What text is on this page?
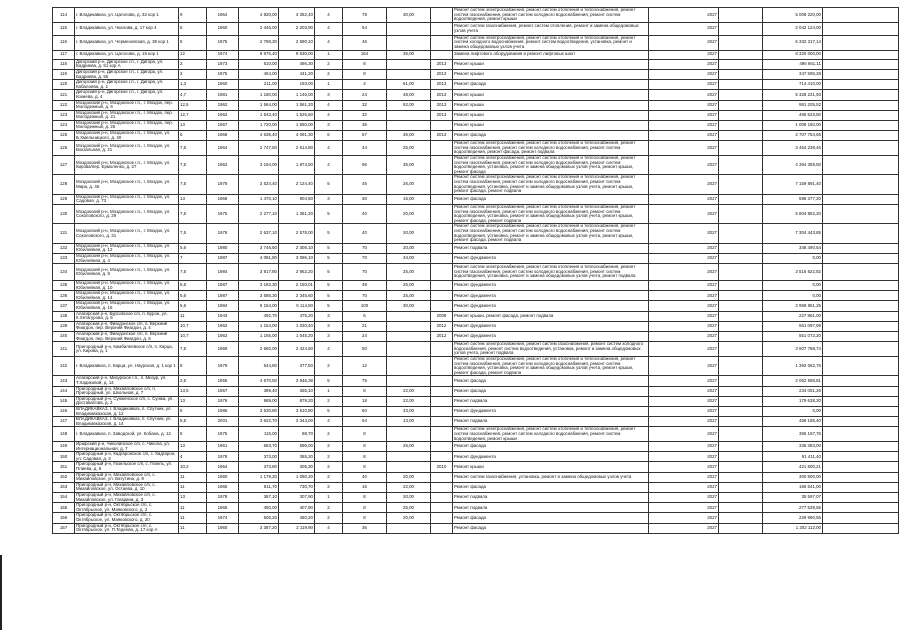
114	г. Владикавказ, ул. Цаголова, д. 32 кор 1	9	1964	4 820,00	4 352,40	4	78	30,00		Ремонт систем электроснабжения, ремонт систем отопления и теплоснабжения, ремонт систем газоснабжения, ремонт систем холодного водоснабжения, ремонт систем водоотведения, ремонт крыши	2027		5 009 220,00	
115	г. Владикавказ, ул. Чкалова, д. 17 кор 4	5	1960	2 446,00	2 203,90	4	54			Ремонт систем газоснабжения, ремонт систем отопления, ремонт и замена общедомовых узлов учета	2027		2 042 124,00	
116	г. Владикавказ, ул. Черменовская, д. 39 кор 1	5	1975	2 798,30	2 590,10	4	46			Ремонт систем электроснабжения, ремонт систем отопления и теплоснабжения, ремонт систем холодного водоснабжения, ремонт систем водоотведения, установка, ремонт и замена общедомовых узлов учета	2027		6 332 317,14	
117	г. Владикавказ, ул. Цаголова, д. 15 кор 1	12	1974	9 976,40	9 630,00	1	164	35,00		Замена лифтового оборудования и ремонт лифтовых шахт	2027		8 320 000,00	
118	Дигорский р-н, Дигорское г.п., г. Дигора, ул. Бадриева, д. 51 кор А	2	1973	510,00	496,30	2	8		2013	Ремонт крыши	2027		496 661,11	
119	Дигорский р-н, Дигорское г.п., г. Дигора, ул. Бадриева, д. 55	2	1975	464,00	441,20	2	8		2013	Ремонт крыши	2027		347 595,28	
120	Дигорский р-н, Дигорское г.п., г. Дигора, ул. Кабалоева, д. 2	1,3	1960	211,00	193,00	1	4	61,00	2013	Ремонт фасада	2027		714 410,00	
121	Дигорский р-н, Дигорское г.п., г. Дигора, ул. Кокиева, д. 4	4,7	1981	1 180,00	1 146,00	3	24	48,00	2013	Ремонт крыши	2027		5 328 221,93	
122	Моздокский р-н, Моздокское г.п., г. Моздок, пер. Молодежный, д. 6	12,5	1962	1 564,00	1 561,20	4	32	52,00	2013	Ремонт крыши	2027		981 205,52	
123	Моздокский р-н, Моздокское г.п., г. Моздок, пер. Молодежный, д. 21	12,7	1962	1 543,40	1 525,60	4	32		2013	Ремонт крыши	2027		465 523,50	
124	Моздокский р-н, Моздокское г.п., г. Моздок, пер. Молодежный, д. 25	13	1967	1 720,00	1 550,00	3	36			Ремонт крыши	2027		1 008 150,00	
125	Моздокский р-н, Моздокское г.п., г. Моздок, ул. Б.Хмельницкого, д. 40	6	1968	4 636,40	4 091,30	6	67	36,00	2013	Ремонт фасада	2027		2 707 754,65	
126	Моздокский р-н, Моздокское г.п., г. Моздок, ул. Вокзальная, д. 21	7,6	1964	2 747,50	2 614,80	4	44	25,00		Ремонт систем электроснабжения, ремонт систем отопления и теплоснабжения, ремонт систем газоснабжения, ремонт систем холодного водоснабжения, ремонт систем водоотведения, ремонт фасада, ремонт подвала	2027		3 464 238,46	
127	Моздокский р-н, Моздокское г.п., г. Моздок, ул. Кирова/пер. Ермоленко, д. 27	7,5	1962	3 194,00	1 874,50	4	96	35,00		Ремонт систем электроснабжения, ремонт систем отопления и теплоснабжения, ремонт систем газоснабжения, ремонт систем холодного водоснабжения, ремонт систем водоотведения, установка, ремонт и замена общедомовых узлов учета, ремонт крыши, ремонт фасада	2027		4 394 359,50	
128	Моздокский р-н, Моздокское г.п., г. Моздок, ул. Мира, д. 46	7,5	1978	2 524,40	2 124,40	5	45	26,00		Ремонт систем электроснабжения, ремонт систем отопления и теплоснабжения, ремонт систем газоснабжения, ремонт систем холодного водоснабжения, ремонт систем водоотведения, установка, ремонт и замена общедомовых узлов учета, ремонт крыши, ремонт фасада, ремонт подвала	2027		7 159 891,40	
129	Моздокский р-н, Моздокское г.п., г. Моздок, ул. Садовая, д. 73	13	1968	1 470,10	904,50	3	30	15,00		Ремонт фасада	2027		598 377,20	
130	Моздокский р-н, Моздокское г.п., г. Моздок, ул. Соколовского, д. 29	7,5	1975	2 277,10	1 361,20	5	40	20,00		Ремонт систем электроснабжения, ремонт систем отопления и теплоснабжения, ремонт систем газоснабжения, ремонт систем холодного водоснабжения, ремонт систем водоотведения, установка, ремонт и замена общедомовых узлов учета, ремонт крыши, ремонт фасада, ремонт подвала	2027		5 804 952,20	
131	Моздокский р-н, Моздокское г.п., г. Моздок, ул. Соколовского, д. 31	7,5	1976	2 637,10	2 578,00	5	40	20,00		Ремонт систем электроснабжения, ремонт систем отопления и теплоснабжения, ремонт систем газоснабжения, ремонт систем холодного водоснабжения, ремонт систем водоотведения, установка, ремонт и замена общедомовых узлов учета, ремонт крыши, ремонт фасада, ремонт подвала	2027		7 304 443,85	
132	Моздокский р-н, Моздокское г.п., г. Моздок, ул. Юбилейная, д. 12	5,6	1980	3 746,60	2 305,10	5	70	20,00		Ремонт подвала	2027		348 490,54	
133	Моздокский р-н, Моздокское г.п., г. Моздок, ул. Юбилейная, д. 4	7	1987	4 081,80	3 096,10	5	70	34,00		Ремонт фундамента	2027		0,00	
134	Моздокский р-н, Моздокское г.п., г. Моздок, ул. Юбилейная, д. 8	7,5	1984	3 917,80	2 962,20	5	70	25,00		Ремонт систем электроснабжения, ремонт систем отопления и теплоснабжения, ремонт систем газоснабжения, ремонт систем холодного водоснабжения, ремонт систем водоотведения, установка, ремонт и замена общедомовых узлов учета, ремонт подвала	2027		3 516 622,82	
135	Моздокский р-н, Моздокское г.п., г. Моздок, ул. Юбилейная, д. 10	5,6	1987	3 192,30	2 150,01	5	48	25,00		Ремонт фундамента	2027		0,00	
136	Моздокский р-н, Моздокское г.п., г. Моздок, ул. Юбилейная, д. 14	5,6	1987	3 585,30	2 345,60	5	70	25,00		Ремонт фундамента	2027		0,00	
137	Моздокский р-н, Моздокское г.п., г. Моздок, ул. Юбилейная, д. 16	5,6	1984	5 154,00	5 114,50	5	100	30,00		Ремонт фундамента	2027		2 958 951,25	
138	Алагирский р-н, Бурсовское с/п, п. Бурон, ул. К.Хетагурова, д. 5	11	1943	492,70	475,20	3	6		2008	Ремонт крыши, ремонт фасада, ремонт подвала	2027		227 861,00	
139	Алагирский р-н, Фиагдонское с/п, п. Верхний Фиагдон, пер. Верхний Фиагдон, д. 4	10,7	1962	1 154,00	1 030,40	3	21		2012	Ремонт фундамента	2027		551 097,99	
140	Алагирский р-н, Фиагдонское с/п, п. Верхний Фиагдон, пер. Верхний Фиагдон, д. 5	10,7	1962	1 165,00	1 045,20	3	24		2012	Ремонт фундамента	2027		551 072,20	
141	Пригородный р-н, Камбилеевское с/п, п. Карца, ул. Кирова, д. 1	7,5	1969	2 560,00	2 424,60	4	50			Ремонт систем электроснабжения, ремонт систем газоснабжения, ремонт систем холодного водоснабжения, ремонт систем водоотведения, установка, ремонт и замена общедомовых узлов учета, ремонт подвала	2027		3 607 768,74	
142	г. Владикавказ, п. Карца, ул. Наурская, д. 1 кор 1	5	1979	544,80	377,50	2	12			Ремонт систем электроснабжения, ремонт систем отопления и теплоснабжения, ремонт систем газоснабжения, ремонт систем холодного водоснабжения, ремонт систем водоотведения, установка, ремонт и замена общедомовых узлов учета, ремонт крыши, ремонт фасада, ремонт подвала	2027		1 392 062,75	
143	Алагирский р-н, Мизурское г.п., п. Мизур, ул. Т.Хадиковой, д. 14	2,5	1955	4 670,50	3 946,38	5	75			Ремонт фасада	2027		2 062 588,81	
144	Пригородный р-н, Михайловское с/п, п. Пригородный, ул. Школьная, д. 7	13,5	1957	399,40	365,10	1	8	22,00		Ремонт фасада	2027		234 051,26	
145	Пригородный р-н, Сунженское с/п, с. Сунжа, ул. Доставалова, д. 2	13	1976	989,00	879,20	2	18	22,00		Ремонт подвала	2027		179 638,30	
146	ВЛАДИКАВКАЗ, г. Владикавказ, п. Спутник, ул. Владикавказская, д. 12	5	1986	3 530,80	3 510,80	5	60	33,00		Ремонт фундамента	2027		0,00	
147	ВЛАДИКАВКАЗ, г. Владикавказ, п. Спутник, ул. Владикавказская, д. 14	5,5	2001	3 622,70	3 344,00	4	64	13,00		Ремонт подвала	2027		458 186,40	
148	г. Владикавказ, п. Заводской, ул. Кобана, д. 12	5	1975	115,00	98,70	2	8			Ремонт систем электроснабжения, ремонт систем отопления и теплоснабжения, ремонт систем газоснабжения, ремонт систем холодного водоснабжения, ремонт систем водоотведения, ремонт крыши	2027		356 167,75	
149	Ирафский р-н, Чиколинское с/п, с. Чикола, ул. Интернациональная, д. 7	13	1961	663,70	596,00	2	8	25,00		Ремонт фасада	2027		335 383,00	
150	Пригородный р-н, Кадгаронское с/п, с. Кадгарон, ул. Садовая, д. 3	4	1978	373,00	365,20	2	8			Ремонт фундамента	2027		91 411,40	
151	Пригородный р-н, Гизельское с/п, с. Гизель, ул. Плиева, д. 5	10,2	1964	373,80	305,30	2	8		2010	Ремонт крыши	2027		421 800,21	
152	Пригородный р-н, Михайловское с/п, с. Михайловское, ул. Ватутина, д. 9	11	1960	1 179,20	1 090,20	2	40	20,00		Ремонт систем газоснабжения, установка, ремонт и замена общедомовых узлов учета	2027		300 800,00	
153	Пригородный р-н, Михайловское с/п, с. Михайловское, ул. Остаева, д. 10	11	1965	811,70	730,70	2	16	22,00		Ремонт фасада	2027		166 541,00	
154	Пригородный р-н, Михайловское с/п, с. Михайловское, ул. Гагарина, д. 3	13	1978	367,10	307,90	1	8	20,00		Ремонт подвала	2027		35 597,07	
155	Пригородный р-н, Октябрьское с/п, с. Октябрьское, ул. Маяковского, д. 2	11	1965	450,00	407,90	2	8	25,00		Ремонт подвала	2027		277 539,55	
156	Пригородный р-н, Октябрьское с/п, с. Октябрьское, ул. Маяковского, д. 20	11	1974	506,20	460,20	2	8	20,00		Ремонт фасада	2027		229 990,56	
157	Пригородный р-н, Октябрьское с/п, с. Октябрьское, ул. П.Тедеева, д. 17 кор А	11	1960	2 387,20	2 119,90	4	36			Ремонт фасада	2027		1 202 112,00	
